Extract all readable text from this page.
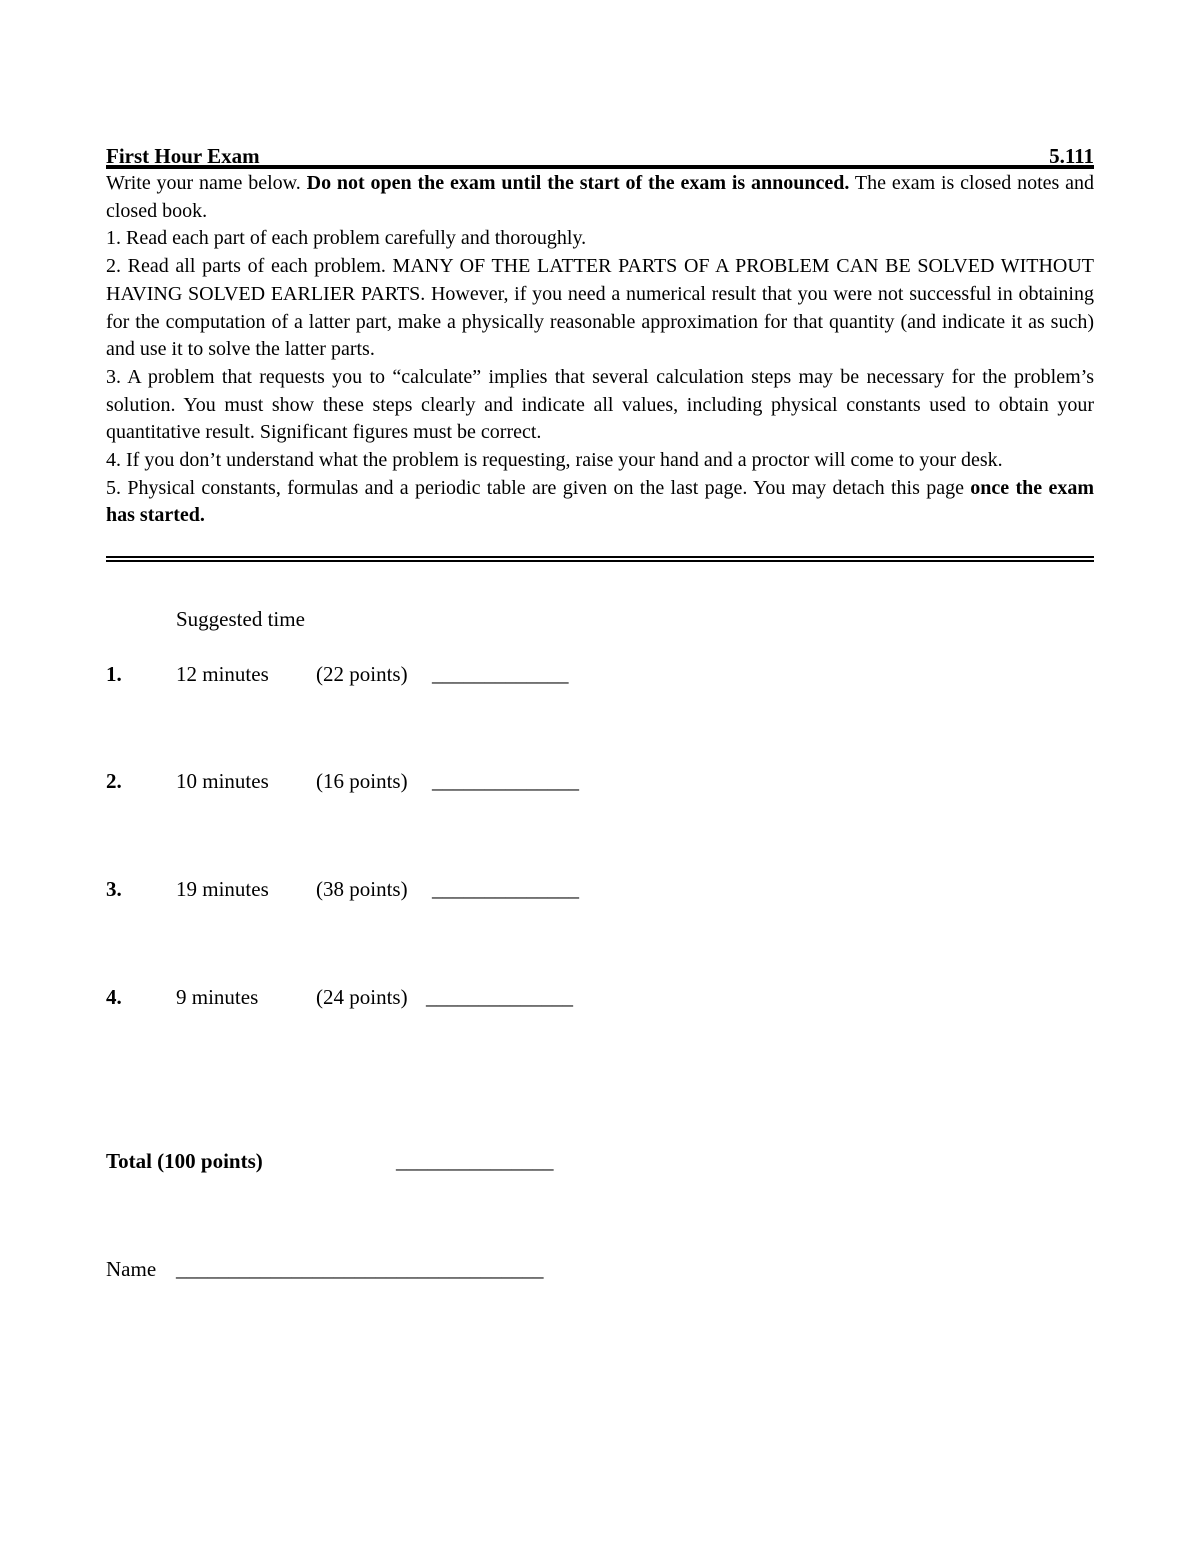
First Hour Exam	5.111

Write your name below. Do not open the exam until the start of the exam is announced. The exam is closed notes and closed book.

1. Read each part of each problem carefully and thoroughly.

2. Read all parts of each problem. MANY OF THE LATTER PARTS OF A PROBLEM CAN BE SOLVED WITHOUT HAVING SOLVED EARLIER PARTS. However, if you need a numerical result that you were not successful in obtaining for the computation of a latter part, make a physically reasonable approximation for that quantity (and indicate it as such) and use it to solve the latter parts.

3. A problem that requests you to “calculate” implies that several calculation steps may be necessary for the problem’s solution. You must show these steps clearly and indicate all values, including physical constants used to obtain your quantitative result. Significant figures must be correct.

4. If you don’t understand what the problem is requesting, raise your hand and a proctor will come to your desk.

5. Physical constants, formulas and a periodic table are given on the last page. You may detach this page once the exam has started.

Suggested time
1.	12 minutes (22 points) _____________
2.	10 minutes (16 points) ______________
3.	19 minutes (38 points) ______________
4.	9 minutes	(24 points) ______________
Total (100 points)	_______________
Name ___________________________________
